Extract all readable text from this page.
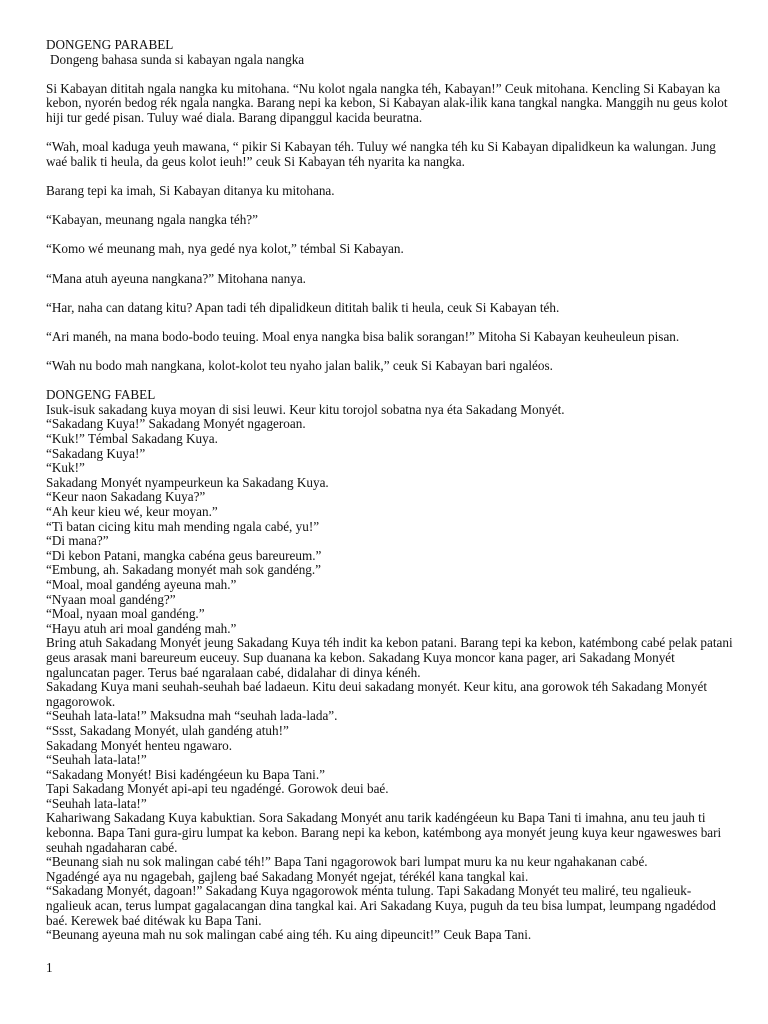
DONGENG PARABEL

Dongeng bahasa sunda si kabayan ngala nangka

Si Kabayan dititah ngala nangka ku mitohana. “Nu kolot ngala nangka téh, Kabayan!” Ceuk mitohana. Kencling Si Kabayan ka kebon, nyorén bedog rék ngala nangka. Barang nepi ka kebon, Si Kabayan alak-ilik kana tangkal nangka. Manggih nu geus kolot hiji tur gedé pisan. Tuluy waé diala. Barang dipanggul kacida beuratna.

“Wah, moal kaduga yeuh mawana, “ pikir Si Kabayan téh. Tuluy wé nangka téh ku Si Kabayan dipalidkeun ka walungan. Jung waé balik ti heula, da geus kolot ieuh!” ceuk Si Kabayan téh nyarita ka nangka.

Barang tepi ka imah, Si Kabayan ditanya ku mitohana.

“Kabayan, meunang ngala nangka téh?”

“Komo wé meunang mah, nya gedé nya kolot,” témbal Si Kabayan.

“Mana atuh ayeuna nangkana?” Mitohana nanya.

“Har, naha can datang kitu? Apan tadi téh dipalidkeun dititah balik ti heula, ceuk Si Kabayan téh.

“Ari manéh, na mana bodo-bodo teuing. Moal enya nangka bisa balik sorangan!” Mitoha Si Kabayan keuheuleun pisan.

“Wah nu bodo mah nangkana, kolot-kolot teu nyaho jalan balik,” ceuk Si Kabayan bari ngaléos.

DONGENG FABEL

Isuk-isuk sakadang kuya moyan di sisi leuwi. Keur kitu torojol sobatna nya éta Sakadang Monyét.

“Sakadang Kuya!” Sakadang Monyét ngageroan.

“Kuk!” Témbal Sakadang Kuya.

“Sakadang Kuya!”

“Kuk!”

Sakadang Monyét nyampeurkeun ka Sakadang Kuya.

“Keur naon Sakadang Kuya?”

“Ah keur kieu wé, keur moyan.”

“Ti batan cicing kitu mah mending ngala cabé, yu!”

“Di mana?”

“Di kebon Patani, mangka cabéna geus bareureum.”

“Embung, ah. Sakadang monyét mah sok gandéng.”

“Moal, moal gandéng ayeuna mah.”

“Nyaan moal gandéng?”

“Moal, nyaan moal gandéng.”

“Hayu atuh ari moal gandéng mah.”

Bring atuh Sakadang Monyét jeung Sakadang Kuya téh indit ka kebon patani. Barang tepi ka kebon, katémbong cabé pelak patani geus arasak mani bareureum euceuy. Sup duanana ka kebon. Sakadang Kuya moncor kana pager, ari Sakadang Monyét ngaluncatan pager. Terus baé ngaralaan cabé, didalahar di dinya kénéh.

Sakadang Kuya mani seuhah-seuhah baé ladaeun. Kitu deui sakadang monyét. Keur kitu, ana gorowok téh Sakadang Monyét ngagorowok.

“Seuhah lata-lata!” Maksudna mah “seuhah lada-lada”.

“Ssst, Sakadang Monyét, ulah gandéng atuh!”

Sakadang Monyét henteu ngawaro.

“Seuhah lata-lata!”

“Sakadang Monyét! Bisi kadéngéeun ku Bapa Tani.”

Tapi Sakadang Monyét api-api teu ngadéngé. Gorowok deui baé.

“Seuhah lata-lata!”

Kahariwang Sakadang Kuya kabuktian. Sora Sakadang Monyét anu tarik kadéngéeun ku Bapa Tani ti imahna, anu teu jauh ti kebonna. Bapa Tani gura-giru lumpat ka kebon. Barang nepi ka kebon, katémbong aya monyét jeung kuya keur ngaweswes bari seuhah ngadaharan cabé.

“Beunang siah nu sok malingan cabé téh!” Bapa Tani ngagorowok bari lumpat muru ka nu keur ngahakanan cabé.

Ngadéngé aya nu ngagebah, gajleng baé Sakadang Monyét ngejat, térékél kana tangkal kai.

“Sakadang Monyét, dagoan!” Sakadang Kuya ngagorowok ménta tulung. Tapi Sakadang Monyét teu maliré, teu ngalieuk-ngalieuk acan, terus lumpat gagalacangan dina tangkal kai. Ari Sakadang Kuya, puguh da teu bisa lumpat, leumpang ngadédod baé. Kerewek baé ditéwak ku Bapa Tani.

“Beunang ayeuna mah nu sok malingan cabé aing téh. Ku aing dipeuncit!” Ceuk Bapa Tani.

1
